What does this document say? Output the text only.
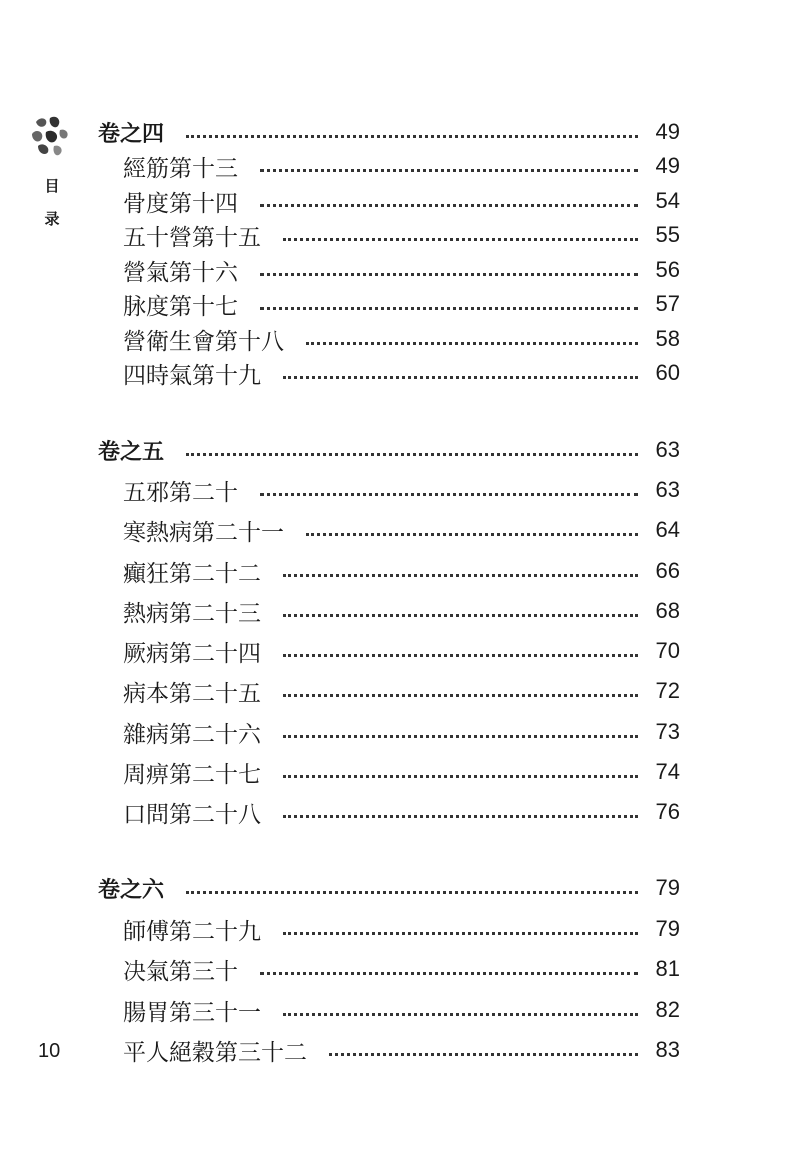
目
录
卷之四	49
經筋第十三	49
骨度第十四	54
五十營第十五	55
營氣第十六	56
脉度第十七	57
營衛生會第十八	58
四時氣第十九	60
卷之五	63
五邪第二十	63
寒熱病第二十一	64
癲狂第二十二	66
熱病第二十三	68
厥病第二十四	70
病本第二十五	72
雜病第二十六	73
周痹第二十七	74
口問第二十八	76
卷之六	79
師傅第二十九	79
决氣第三十	81
腸胃第三十一	82
平人絕穀第三十二	83
10
